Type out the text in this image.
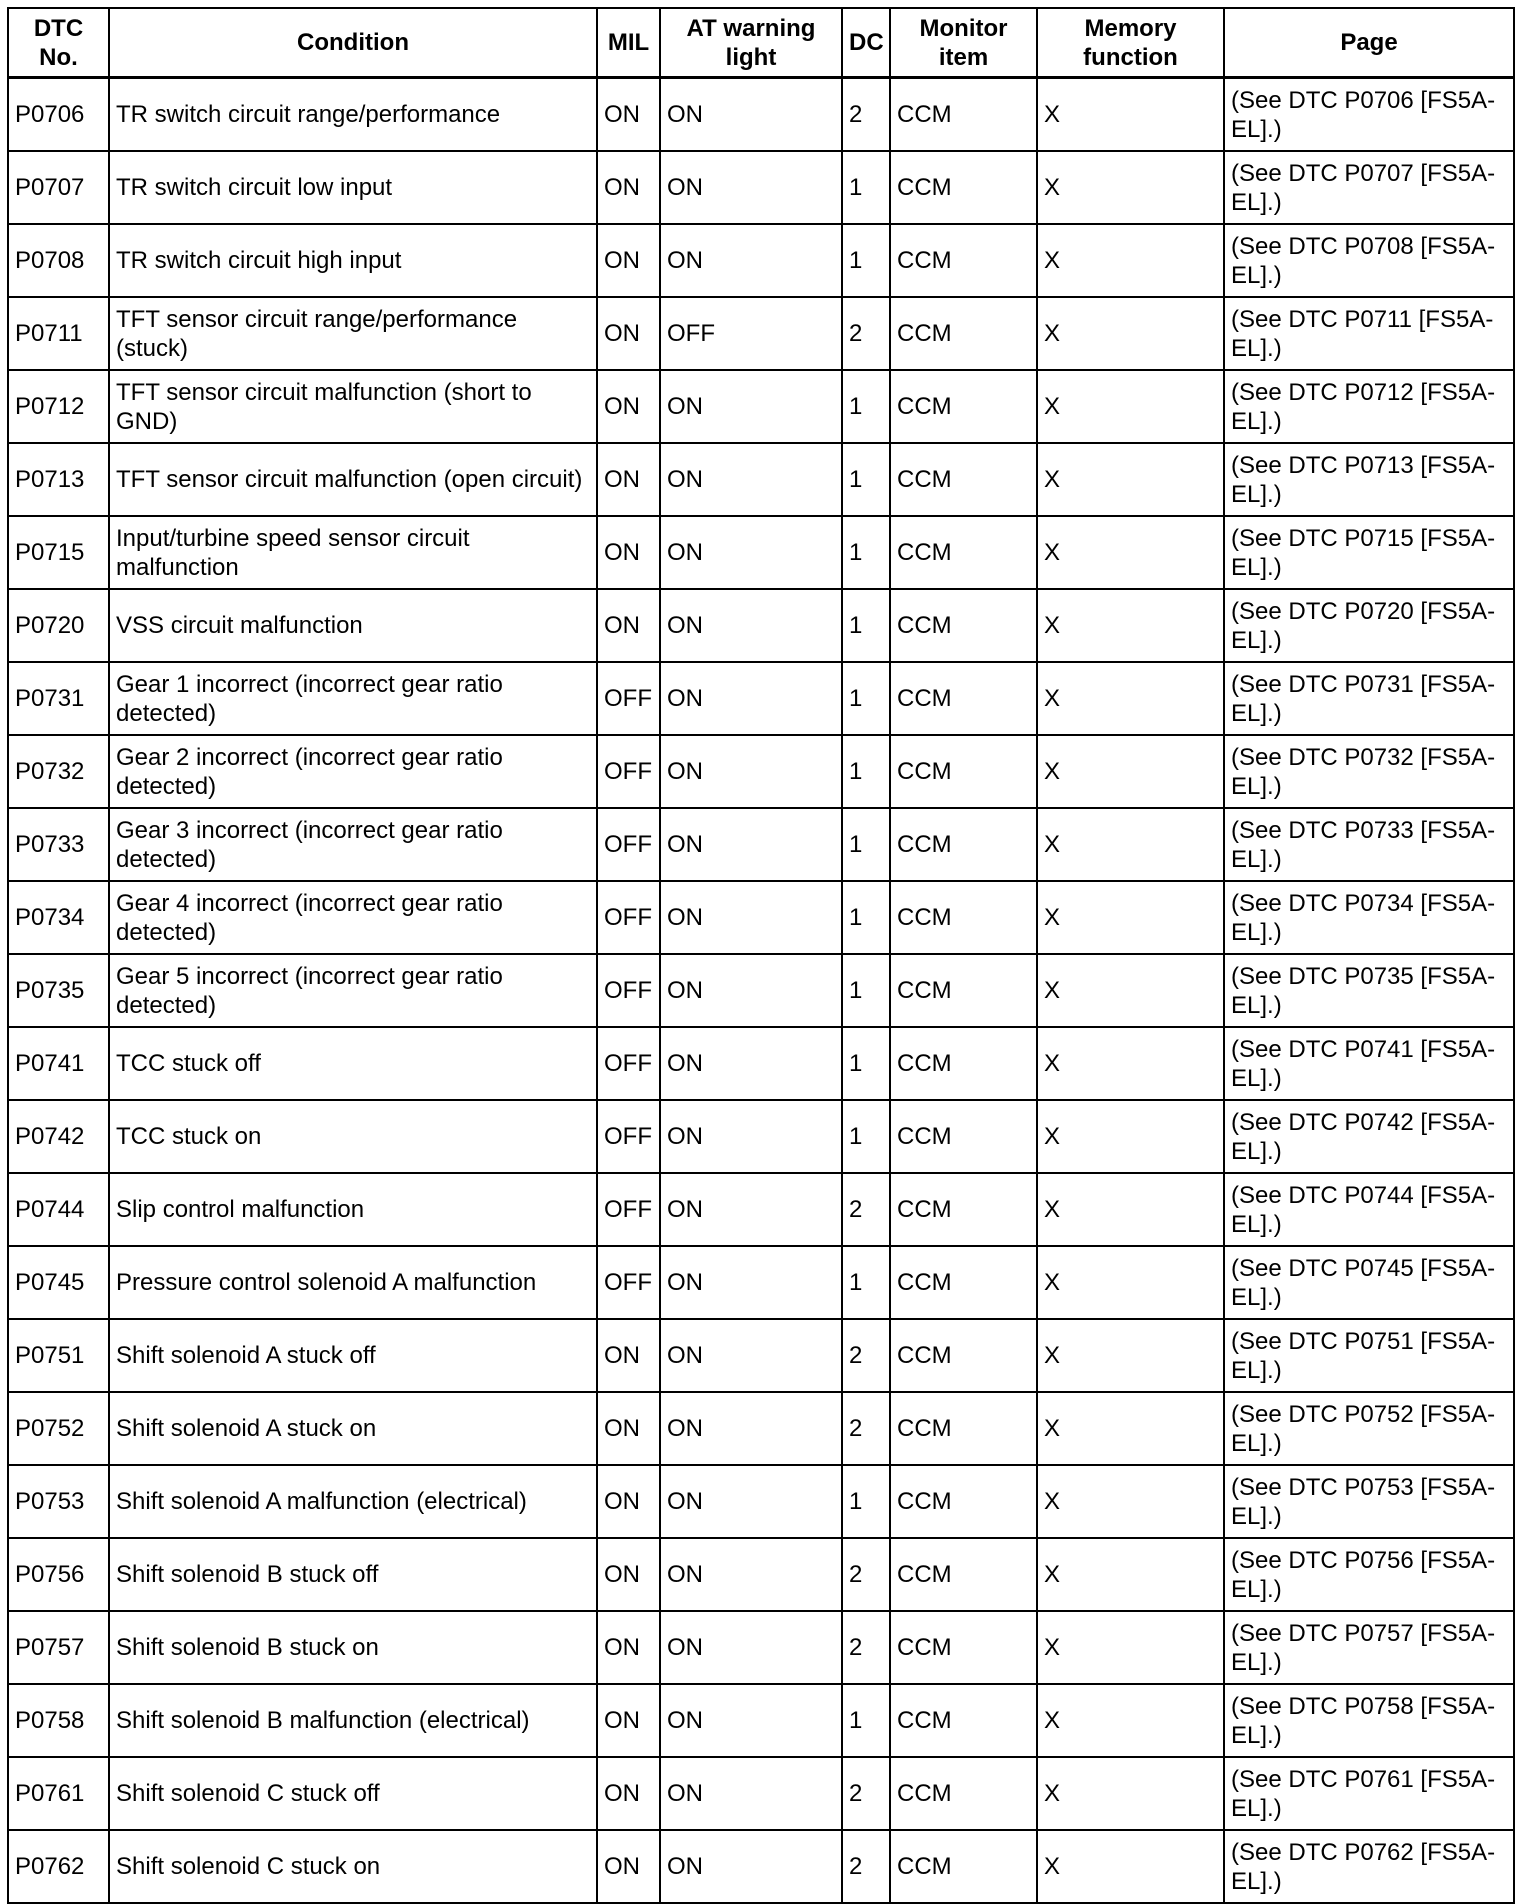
DTC No.	Condition	MIL	AT warning light	DC	Monitor item	Memory function	Page
P0706	TR switch circuit range/performance	ON	ON	2	CCM	X	(See DTC P0706 [FS5A-EL].)
P0707	TR switch circuit low input	ON	ON	1	CCM	X	(See DTC P0707 [FS5A-EL].)
P0708	TR switch circuit high input	ON	ON	1	CCM	X	(See DTC P0708 [FS5A-EL].)
P0711	TFT sensor circuit range/performance (stuck)	ON	OFF	2	CCM	X	(See DTC P0711 [FS5A-EL].)
P0712	TFT sensor circuit malfunction (short to GND)	ON	ON	1	CCM	X	(See DTC P0712 [FS5A-EL].)
P0713	TFT sensor circuit malfunction (open circuit)	ON	ON	1	CCM	X	(See DTC P0713 [FS5A-EL].)
P0715	Input/turbine speed sensor circuit malfunction	ON	ON	1	CCM	X	(See DTC P0715 [FS5A-EL].)
P0720	VSS circuit malfunction	ON	ON	1	CCM	X	(See DTC P0720 [FS5A-EL].)
P0731	Gear 1 incorrect (incorrect gear ratio detected)	OFF	ON	1	CCM	X	(See DTC P0731 [FS5A-EL].)
P0732	Gear 2 incorrect (incorrect gear ratio detected)	OFF	ON	1	CCM	X	(See DTC P0732 [FS5A-EL].)
P0733	Gear 3 incorrect (incorrect gear ratio detected)	OFF	ON	1	CCM	X	(See DTC P0733 [FS5A-EL].)
P0734	Gear 4 incorrect (incorrect gear ratio detected)	OFF	ON	1	CCM	X	(See DTC P0734 [FS5A-EL].)
P0735	Gear 5 incorrect (incorrect gear ratio detected)	OFF	ON	1	CCM	X	(See DTC P0735 [FS5A-EL].)
P0741	TCC stuck off	OFF	ON	1	CCM	X	(See DTC P0741 [FS5A-EL].)
P0742	TCC stuck on	OFF	ON	1	CCM	X	(See DTC P0742 [FS5A-EL].)
P0744	Slip control malfunction	OFF	ON	2	CCM	X	(See DTC P0744 [FS5A-EL].)
P0745	Pressure control solenoid A malfunction	OFF	ON	1	CCM	X	(See DTC P0745 [FS5A-EL].)
P0751	Shift solenoid A stuck off	ON	ON	2	CCM	X	(See DTC P0751 [FS5A-EL].)
P0752	Shift solenoid A stuck on	ON	ON	2	CCM	X	(See DTC P0752 [FS5A-EL].)
P0753	Shift solenoid A malfunction (electrical)	ON	ON	1	CCM	X	(See DTC P0753 [FS5A-EL].)
P0756	Shift solenoid B stuck off	ON	ON	2	CCM	X	(See DTC P0756 [FS5A-EL].)
P0757	Shift solenoid B stuck on	ON	ON	2	CCM	X	(See DTC P0757 [FS5A-EL].)
P0758	Shift solenoid B malfunction (electrical)	ON	ON	1	CCM	X	(See DTC P0758 [FS5A-EL].)
P0761	Shift solenoid C stuck off	ON	ON	2	CCM	X	(See DTC P0761 [FS5A-EL].)
P0762	Shift solenoid C stuck on	ON	ON	2	CCM	X	(See DTC P0762 [FS5A-EL].)
